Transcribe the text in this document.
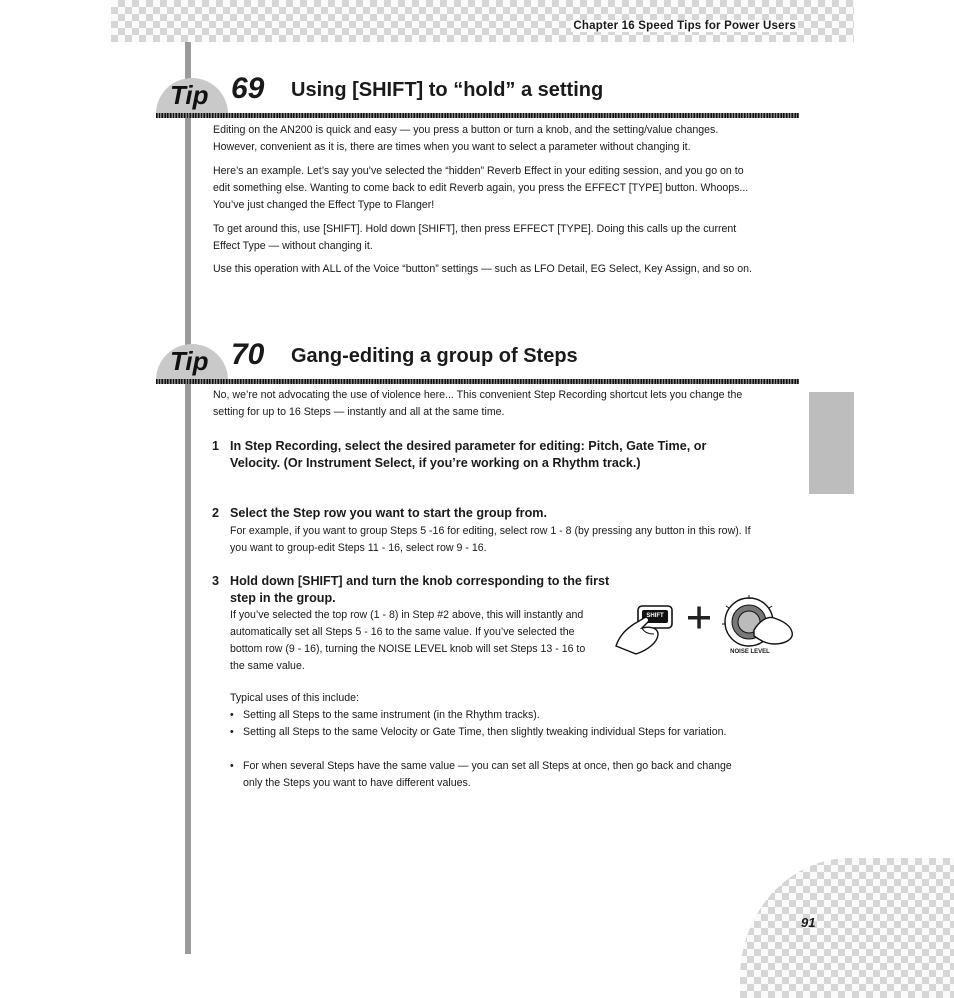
Chapter 16 Speed Tips for Power Users
91
Tip 69 Using [SHIFT] to “hold” a setting
Editing on the AN200 is quick and easy — you press a button or turn a knob, and the setting/value changes. However, convenient as it is, there are times when you want to select a parameter without changing it.
Here’s an example. Let’s say you’ve selected the “hidden” Reverb Effect in your editing session, and you go on to edit something else. Wanting to come back to edit Reverb again, you press the EFFECT [TYPE] button. Whoops... You’ve just changed the Effect Type to Flanger!
To get around this, use [SHIFT]. Hold down [SHIFT], then press EFFECT [TYPE]. Doing this calls up the current Effect Type — without changing it.
Use this operation with ALL of the Voice “button” settings — such as LFO Detail, EG Select, Key Assign, and so on.
Tip 70 Gang-editing a group of Steps
No, we’re not advocating the use of violence here... This convenient Step Recording shortcut lets you change the setting for up to 16 Steps — instantly and all at the same time.
1 In Step Recording, select the desired parameter for editing: Pitch, Gate Time, or Velocity. (Or Instrument Select, if you’re working on a Rhythm track.)
2 Select the Step row you want to start the group from.
For example, if you want to group Steps 5 -16 for editing, select row 1 - 8 (by pressing any button in this row). If you want to group-edit Steps 11 - 16, select row 9 - 16.
3 Hold down [SHIFT] and turn the knob corresponding to the first step in the group.
If you’ve selected the top row (1 - 8) in Step #2 above, this will instantly and automatically set all Steps 5 - 16 to the same value. If you’ve selected the bottom row (9 - 16), turning the NOISE LEVEL knob will set Steps 13 - 16 to the same value.
SHIFT
NOISE LEVEL
Typical uses of this include:
• Setting all Steps to the same instrument (in the Rhythm tracks).
• Setting all Steps to the same Velocity or Gate Time, then slightly tweaking individual Steps for variation.
• For when several Steps have the same value — you can set all Steps at once, then go back and change only the Steps you want to have different values.
